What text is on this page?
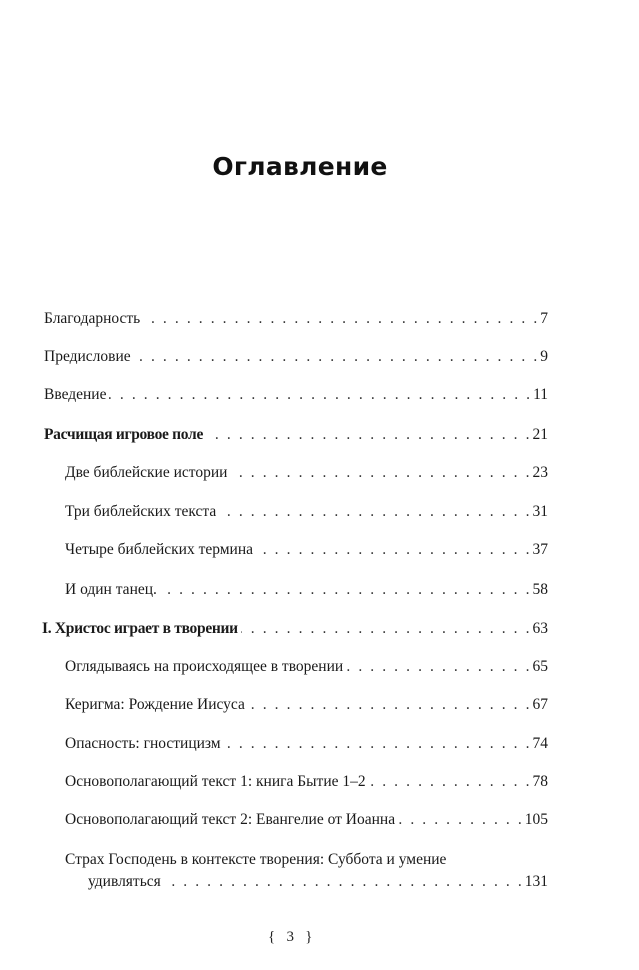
Оглавление
Благодарность . . .	7
Предисловие . . .	9
Введение . . .	11
Расчищая игровое поле . . .	21
Две библейские истории . . .	23
Три библейских текста . . .	31
Четыре библейских термина . . .	37
И один танец. . . .	58
I. Христос играет в творении . . .	63
Оглядываясь на происходящее в творении . . .	65
Керигма: Рождение Иисуса . . .	67
Опасность: гностицизм . . .	74
Основополагающий текст 1: книга Бытие 1–2 . . .	78
Основополагающий текст 2: Евангелие от Иоанна . . .	105
Страх Господень в контексте творения: Суббота и умение
удивляться . . .	131
{ 3 }
